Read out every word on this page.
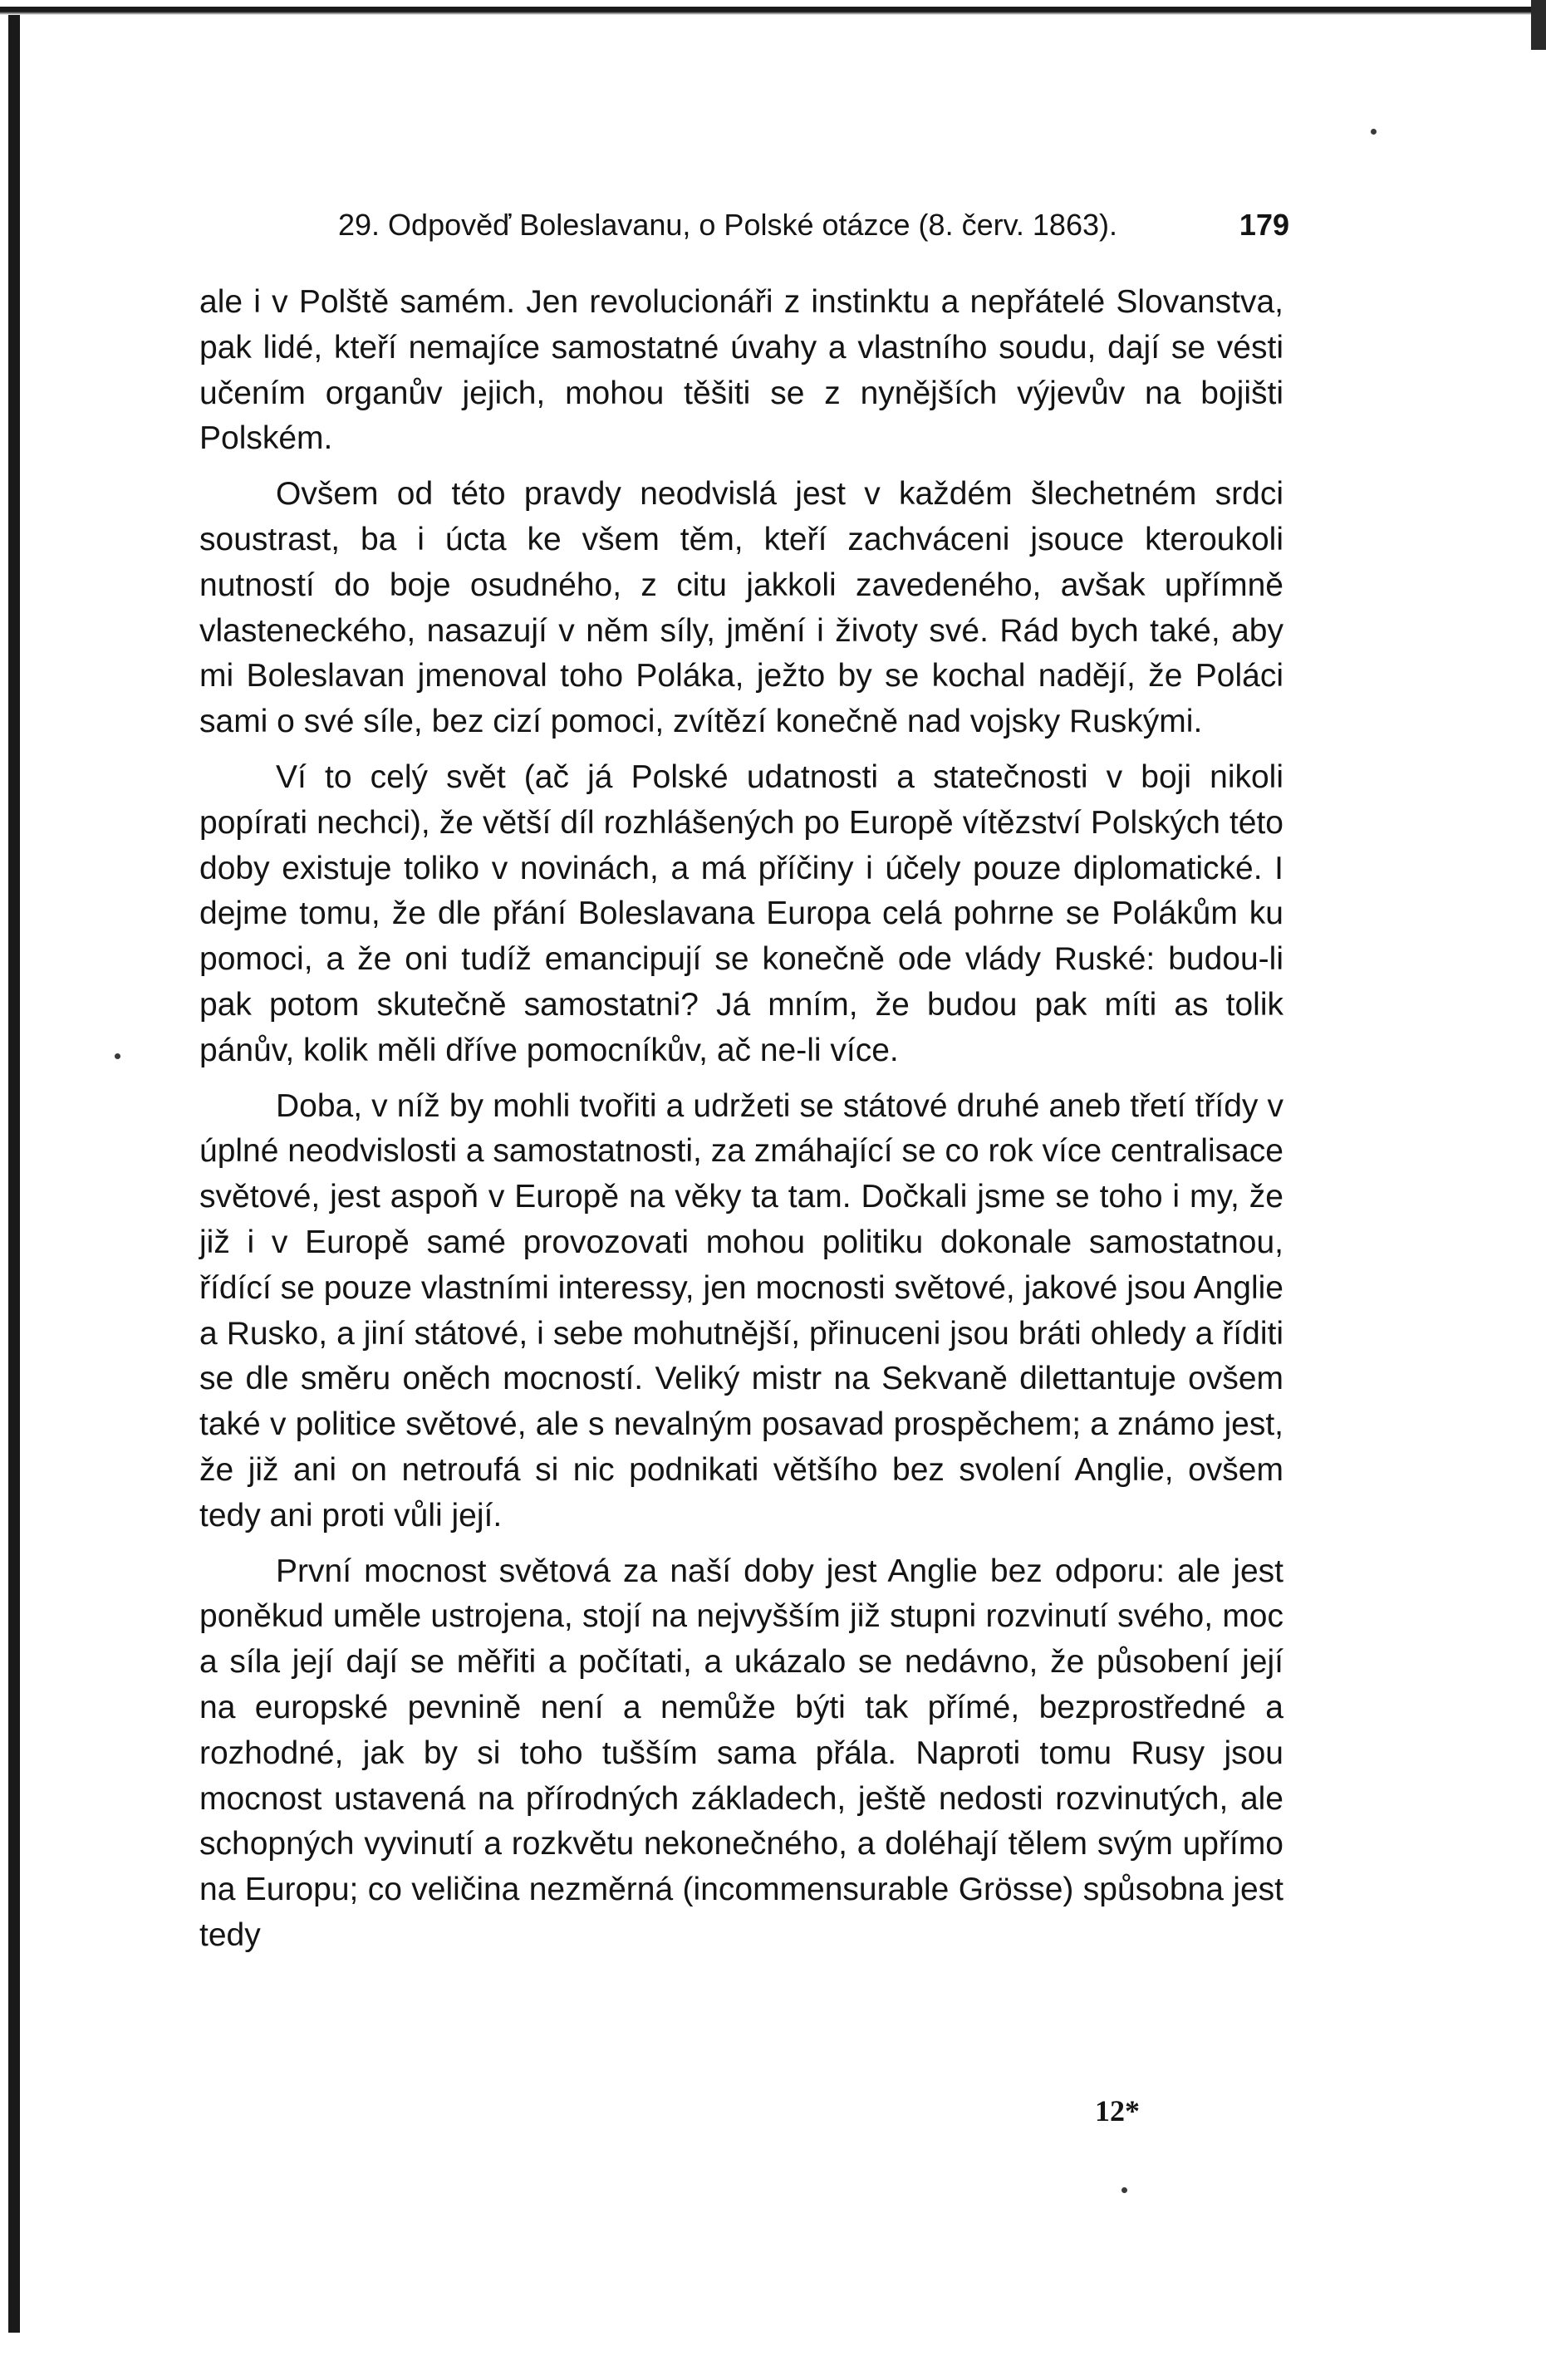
29. Odpověď Boleslavanu, o Polské otázce (8. červ. 1863).	179

ale i v Polště samém. Jen revolucionáři z instinktu a nepřátelé Slovanstva, pak lidé, kteří nemajíce samostatné úvahy a vlastního soudu, dají se vésti učením organův jejich, mohou těšiti se z nynějších výjevův na bojišti Polském.

Ovšem od této pravdy neodvislá jest v každém šlechetném srdci soustrast, ba i úcta ke všem těm, kteří zachváceni jsouce kteroukoli nutností do boje osudného, z citu jakkoli zavedeného, avšak upřímně vlasteneckého, nasazují v něm síly, jmění i životy své. Rád bych také, aby mi Boleslavan jmenoval toho Poláka, ježto by se kochal nadějí, že Poláci sami o své síle, bez cizí pomoci, zvítězí konečně nad vojsky Ruskými.

Ví to celý svět (ač já Polské udatnosti a statečnosti v boji nikoli popírati nechci), že větší díl rozhlášených po Europě vítězství Polských této doby existuje toliko v novinách, a má příčiny i účely pouze diplomatické. I dejme tomu, že dle přání Boleslavana Europa celá pohrne se Polákům ku pomoci, a že oni tudíž emancipují se konečně ode vlády Ruské: budou-li pak potom skutečně samostatni? Já mním, že budou pak míti as tolik pánův, kolik měli dříve pomocníkův, ač ne-li více.

Doba, v níž by mohli tvořiti a udržeti se státové druhé aneb třetí třídy v úplné neodvislosti a samostatnosti, za zmáhající se co rok více centralisace světové, jest aspoň v Europě na věky ta tam. Dočkali jsme se toho i my, že již i v Europě samé provozovati mohou politiku dokonale samostatnou, řídící se pouze vlastními interessy, jen mocnosti světové, jakové jsou Anglie a Rusko, a jiní státové, i sebe mohutnější, přinuceni jsou bráti ohledy a říditi se dle směru oněch mocností. Veliký mistr na Sekvaně dilettantuje ovšem také v politice světové, ale s nevalným posavad prospěchem; a známo jest, že již ani on netroufá si nic podnikati většího bez svolení Anglie, ovšem tedy ani proti vůli její.

První mocnost světová za naší doby jest Anglie bez odporu: ale jest poněkud uměle ustrojena, stojí na nejvyšším již stupni rozvinutí svého, moc a síla její dají se měřiti a počítati, a ukázalo se nedávno, že působení její na europské pevnině není a nemůže býti tak přímé, bezprostředné a rozhodné, jak by si toho tušším sama přála. Naproti tomu Rusy jsou mocnost ustavená na přírodných základech, ještě nedosti rozvinutých, ale schopných vyvinutí a rozkvětu nekonečného, a doléhají tělem svým upřímo na Europu; co veličina nezměrná (incommensurable Grösse) spůsobna jest tedy

12*
